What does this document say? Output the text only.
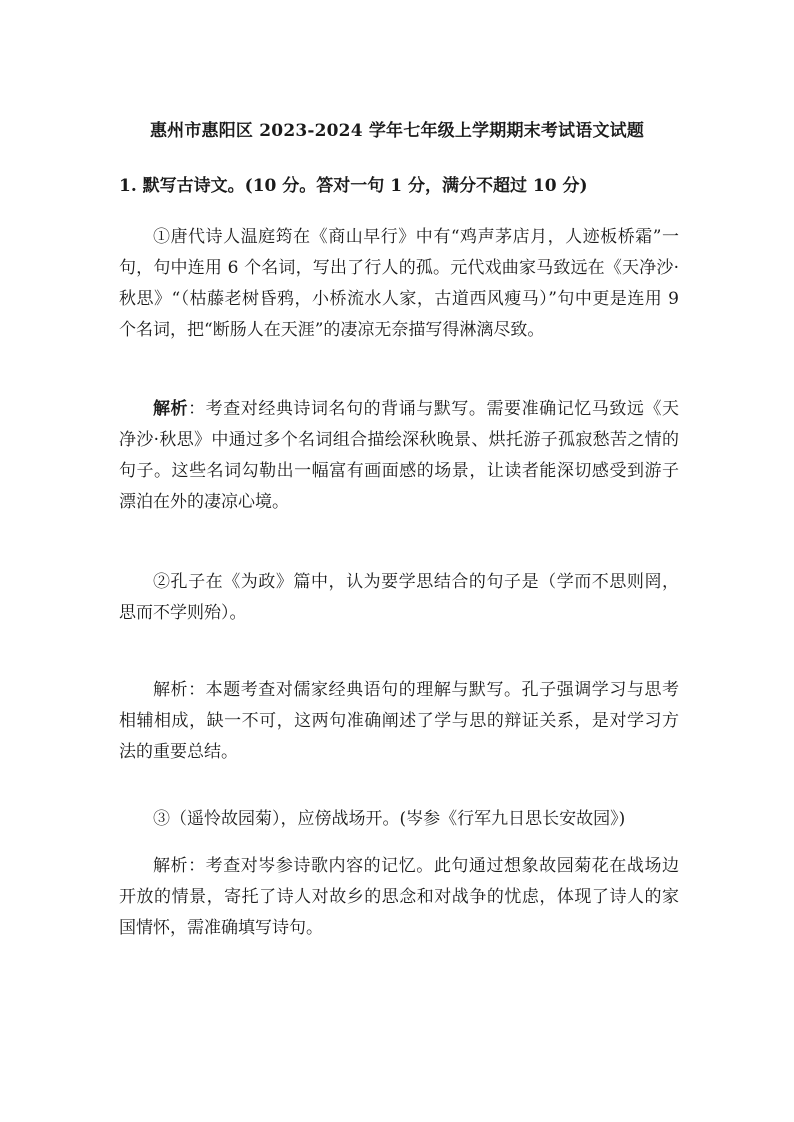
惠州市惠阳区 2023-2024 学年七年级上学期期末考试语文试题
1. 默写古诗文。(10 分。答对一句 1 分，满分不超过 10 分)

①唐代诗人温庭筠在《商山早行》中有“鸡声茅店月，人迹板桥霜”一句，句中连用 6 个名词，写出了行人的孤。元代戏曲家马致远在《天净沙·秋思》“（枯藤老树昏鸦，小桥流水人家，古道西风瘦马）”句中更是连用 9 个名词，把“断肠人在天涯”的凄凉无奈描写得淋漓尽致。

解析：考查对经典诗词名句的背诵与默写。需要准确记忆马致远《天净沙·秋思》中通过多个名词组合描绘深秋晚景、烘托游子孤寂愁苦之情的句子。这些名词勾勒出一幅富有画面感的场景，让读者能深切感受到游子漂泊在外的凄凉心境。

②孔子在《为政》篇中，认为要学思结合的句子是（学而不思则罔，思而不学则殆）。

解析：本题考查对儒家经典语句的理解与默写。孔子强调学习与思考相辅相成，缺一不可，这两句准确阐述了学与思的辩证关系，是对学习方法的重要总结。

③（遥怜故园菊），应傍战场开。(岑参《行军九日思长安故园》)

解析：考查对岑参诗歌内容的记忆。此句通过想象故园菊花在战场边开放的情景，寄托了诗人对故乡的思念和对战争的忧虑，体现了诗人的家国情怀，需准确填写诗句。
